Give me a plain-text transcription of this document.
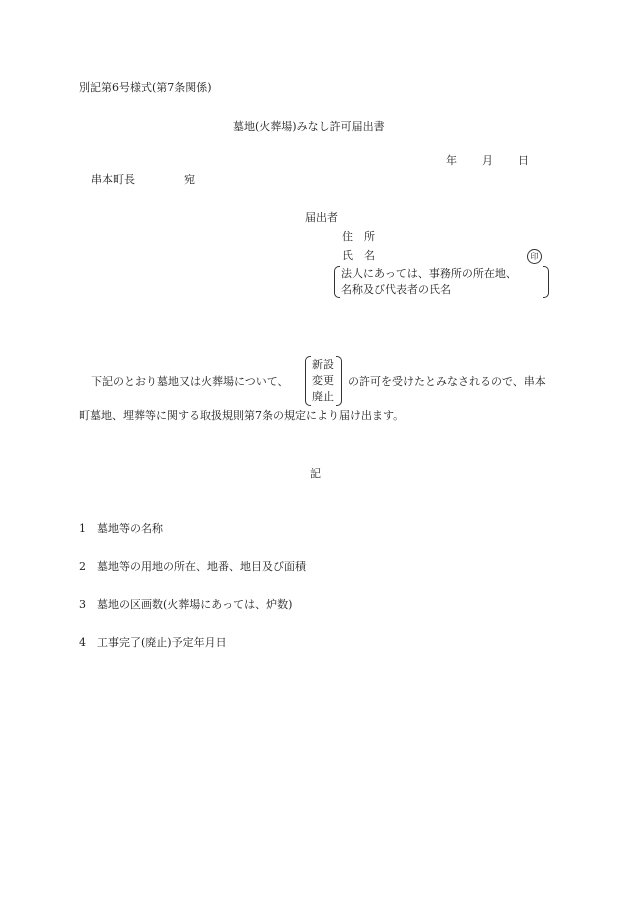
別記第6号様式(第7条関係)
墓地(火葬場)みなし許可届出書
年 月 日
串本町長	宛
届出者
住　所
氏　名	印
法人にあっては、事務所の所在地、
名称及び代表者の氏名
下記のとおり墓地又は火葬場について、
新設
変更
廃止
の許可を受けたとみなされるので、串本
町墓地、埋葬等に関する取扱規則第7条の規定により届け出ます。
記
1 墓地等の名称
2 墓地等の用地の所在、地番、地目及び面積
3 墓地の区画数(火葬場にあっては、炉数)
4 工事完了(廃止)予定年月日
